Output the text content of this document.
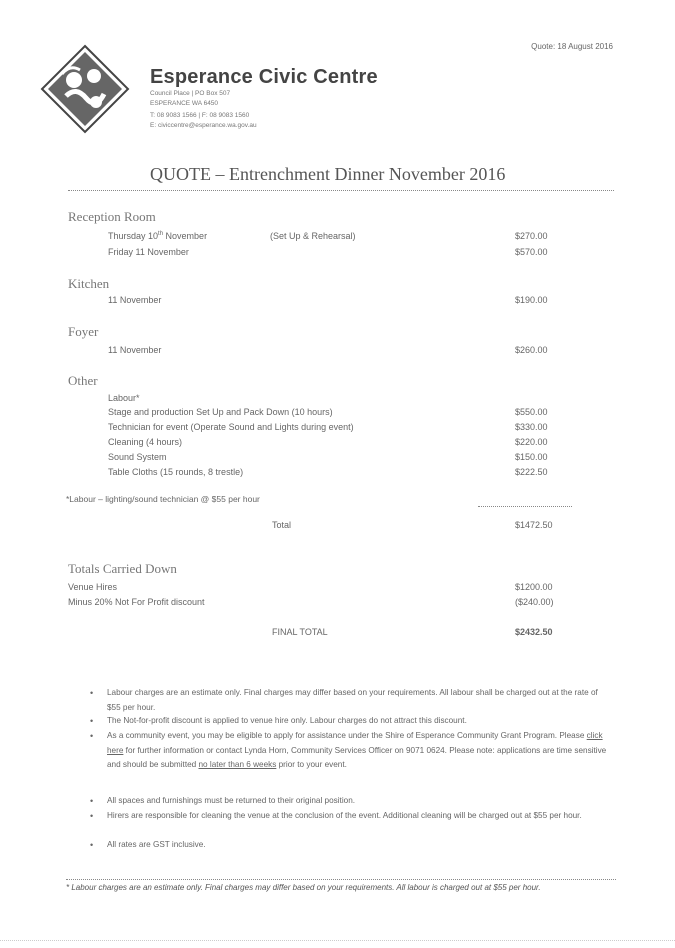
Quote: 18 August 2016
Esperance Civic Centre
Council Place | PO Box 507
ESPERANCE WA 6450
T: 08 9083 1566 | F: 08 9083 1560
E: civiccentre@esperance.wa.gov.au
QUOTE – Entrenchment Dinner November 2016
Reception Room
Thursday 10th November	(Set Up & Rehearsal)	$270.00
Friday 11 November	$570.00
Kitchen
11 November	$190.00
Foyer
11 November	$260.00
Other
Labour*
Stage and production Set Up and Pack Down (10 hours)	$550.00
Technician for event (Operate Sound and Lights during event)	$330.00
Cleaning (4 hours)	$220.00
Sound System	$150.00
Table Cloths (15 rounds, 8 trestle)	$222.50
*Labour – lighting/sound technician @ $55 per hour
Total	$1472.50
Totals Carried Down
Venue Hires	$1200.00
Minus 20% Not For Profit discount	($240.00)
FINAL TOTAL	$2432.50
• Labour charges are an estimate only. Final charges may differ based on your requirements. All labour shall be charged out at the rate of $55 per hour.
• The Not-for-profit discount is applied to venue hire only. Labour charges do not attract this discount.
• As a community event, you may be eligible to apply for assistance under the Shire of Esperance Community Grant Program. Please click here for further information or contact Lynda Horn, Community Services Officer on 9071 0624. Please note: applications are time sensitive and should be submitted no later than 6 weeks prior to your event.
• All spaces and furnishings must be returned to their original position.
• Hirers are responsible for cleaning the venue at the conclusion of the event. Additional cleaning will be charged out at $55 per hour.
• All rates are GST inclusive.
* Labour charges are an estimate only. Final charges may differ based on your requirements. All labour is charged out at $55 per hour.
